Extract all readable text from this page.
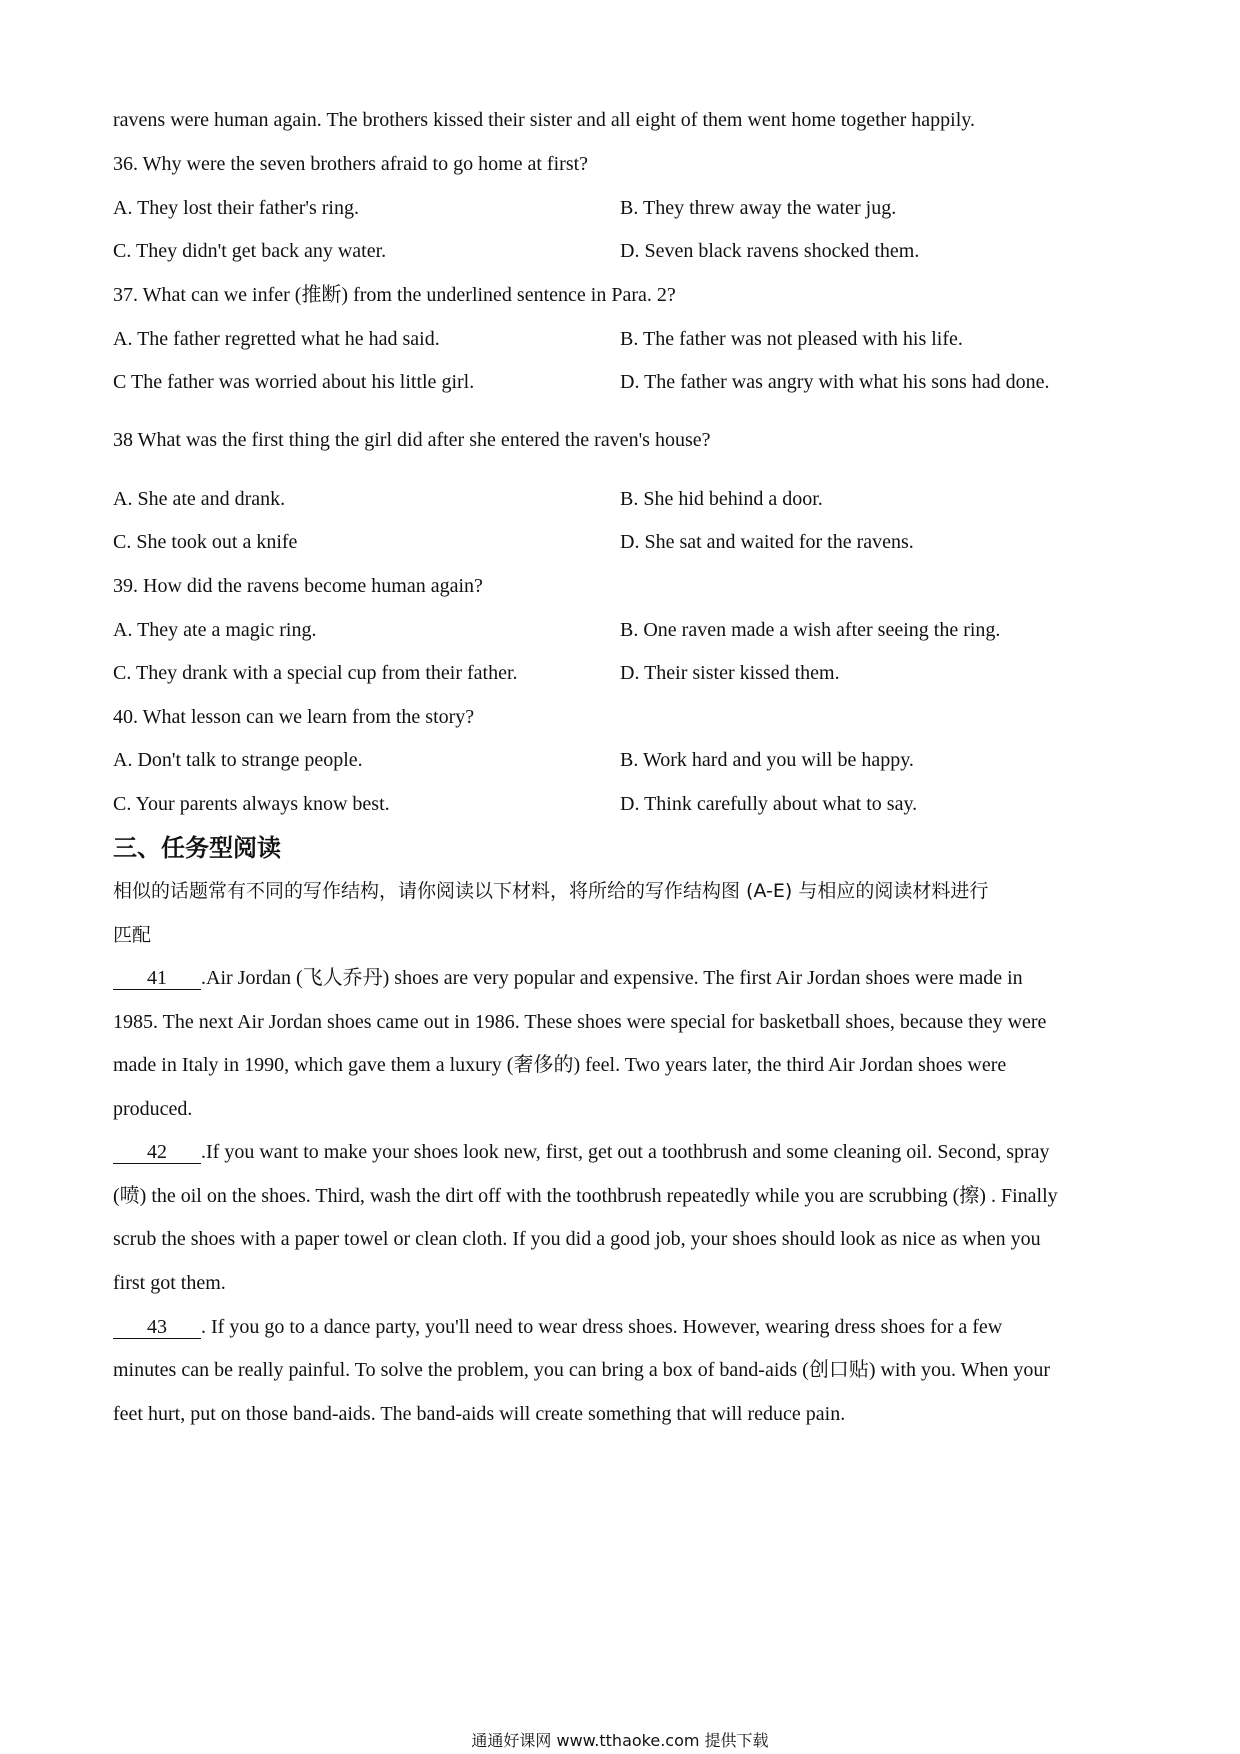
ravens were human again. The brothers kissed their sister and all eight of them went home together happily.
36. Why were the seven brothers afraid to go home at first?
A. They lost their father's ring.	B. They threw away the water jug.
C. They didn't get back any water.	D. Seven black ravens shocked them.
37. What can we infer (推断) from the underlined sentence in Para. 2?
A. The father regretted what he had said.	B. The father was not pleased with his life.
C The father was worried about his little girl.	D. The father was angry with what his sons had done.
38 What was the first thing the girl did after she entered the raven's house?
A. She ate and drank.	B. She hid behind a door.
C. She took out a knife	D. She sat and waited for the ravens.
39. How did the ravens become human again?
A. They ate a magic ring.	B. One raven made a wish after seeing the ring.
C. They drank with a special cup from their father.	D. Their sister kissed them.
40. What lesson can we learn from the story?
A. Don't talk to strange people.	B. Work hard and you will be happy.
C. Your parents always know best.	D. Think carefully about what to say.
三、任务型阅读
相似的话题常有不同的写作结构，请你阅读以下材料，将所给的写作结构图 (A-E) 与相应的阅读材料进行
匹配
41 .Air Jordan (飞人乔丹) shoes are very popular and expensive. The first Air Jordan shoes were made in
1985. The next Air Jordan shoes came out in 1986. These shoes were special for basketball shoes, because they were
made in Italy in 1990, which gave them a luxury (奢侈的) feel. Two years later, the third Air Jordan shoes were
produced.
42 .If you want to make your shoes look new, first, get out a toothbrush and some cleaning oil. Second, spray
(喷) the oil on the shoes. Third, wash the dirt off with the toothbrush repeatedly while you are scrubbing (擦) . Finally
scrub the shoes with a paper towel or clean cloth. If you did a good job, your shoes should look as nice as when you
first got them.
43 . If you go to a dance party, you'll need to wear dress shoes. However, wearing dress shoes for a few
minutes can be really painful. To solve the problem, you can bring a box of band-aids (创口贴) with you. When your
feet hurt, put on those band-aids. The band-aids will create something that will reduce pain.
通通好课网 www.tthaoke.com 提供下载
